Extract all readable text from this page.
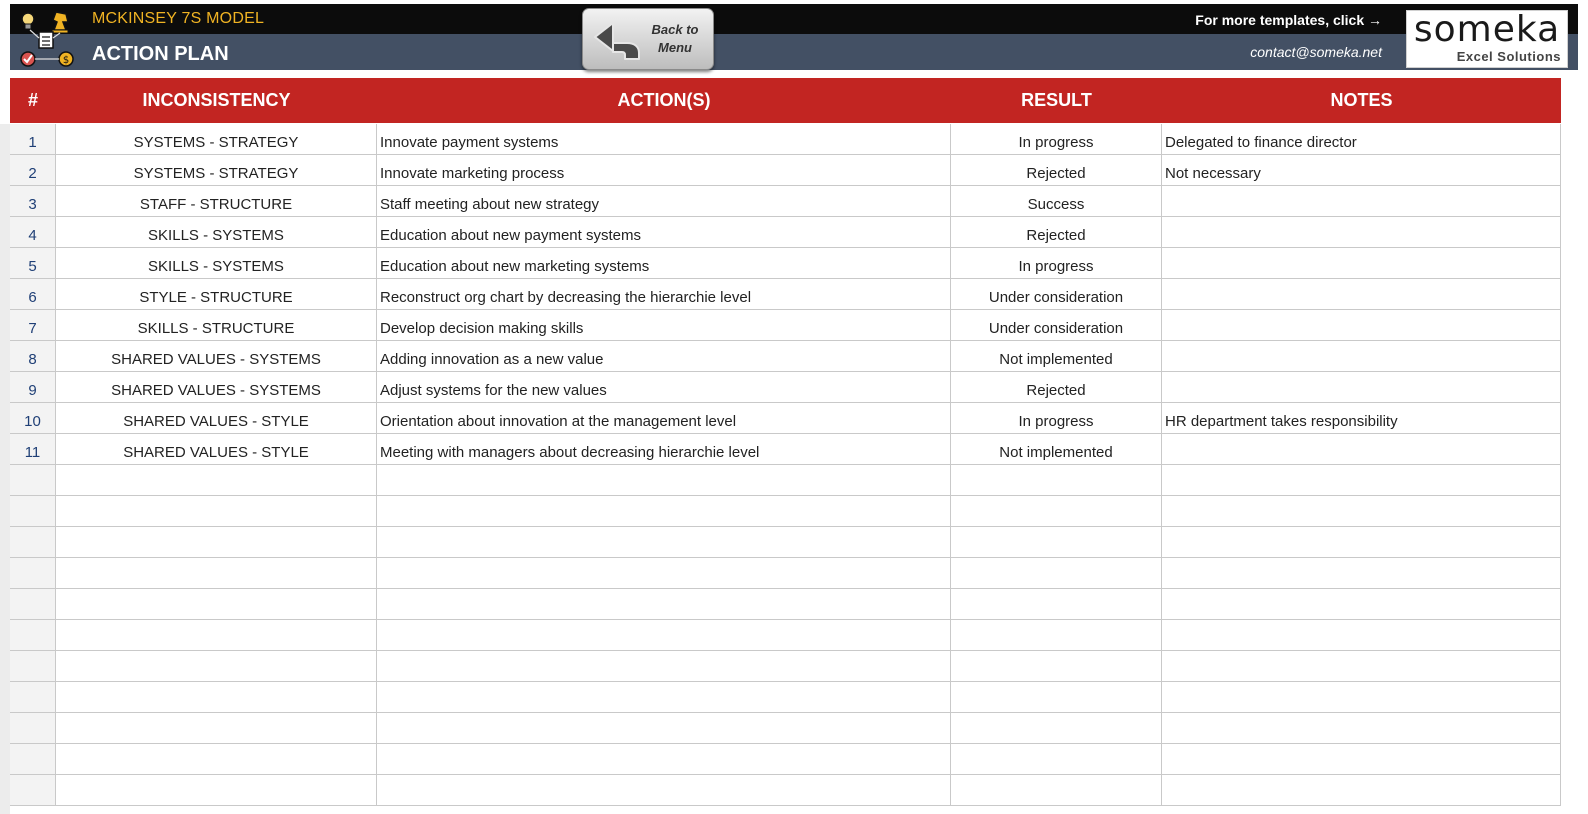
$
MCKINSEY 7S MODEL
ACTION PLAN
Back to Menu
For more templates, click →
contact@someka.net
someka
Excel Solutions
#	INCONSISTENCY	ACTION(S)	RESULT	NOTES
1	SYSTEMS - STRATEGY	Innovate payment systems	In progress	Delegated to finance director
2	SYSTEMS - STRATEGY	Innovate marketing process	Rejected	Not necessary
3	STAFF - STRUCTURE	Staff meeting about new strategy	Success
4	SKILLS - SYSTEMS	Education about new payment systems	Rejected
5	SKILLS - SYSTEMS	Education about new marketing systems	In progress
6	STYLE - STRUCTURE	Reconstruct org chart by decreasing the hierarchie level	Under consideration
7	SKILLS - STRUCTURE	Develop decision making skills	Under consideration
8	SHARED VALUES - SYSTEMS	Adding innovation as a new value	Not implemented
9	SHARED VALUES - SYSTEMS	Adjust systems for the new values	Rejected
10	SHARED VALUES - STYLE	Orientation about innovation at the management level	In progress	HR department takes responsibility
11	SHARED VALUES - STYLE	Meeting with managers about decreasing hierarchie level	Not implemented
